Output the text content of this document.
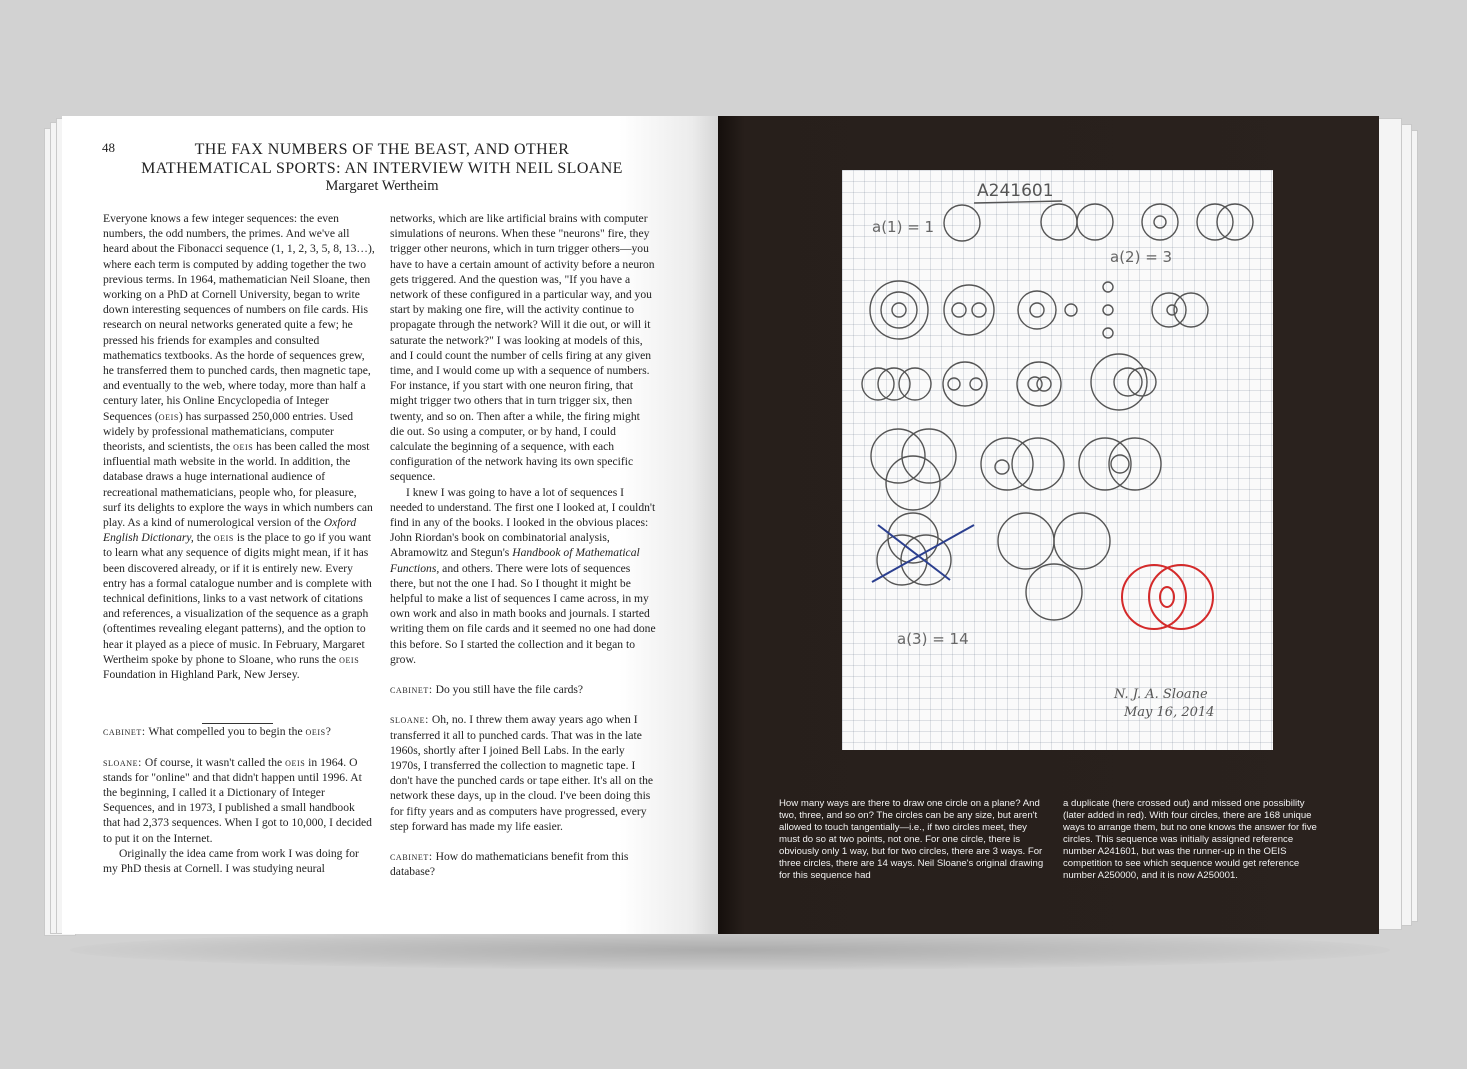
48	THE FAX NUMBERS OF THE BEAST, AND OTHER
MATHEMATICAL SPORTS: AN INTERVIEW WITH NEIL SLOANE
Margaret Wertheim

Everyone knows a few integer sequences: the even numbers, the odd numbers, the primes. And we've all heard about the Fibonacci sequence (1, 1, 2, 3, 5, 8, 13…), where each term is computed by adding together the two previous terms. In 1964, mathematician Neil Sloane, then working on a PhD at Cornell University, began to write down interesting sequences of numbers on file cards. His research on neural networks generated quite a few; he pressed his friends for examples and consulted mathematics textbooks. As the horde of sequences grew, he transferred them to punched cards, then magnetic tape, and eventually to the web, where today, more than half a century later, his Online Encyclopedia of Integer Sequences (oeis) has surpassed 250,000 entries. Used widely by professional mathematicians, computer theorists, and scientists, the oeis has been called the most influential math website in the world. In addition, the database draws a huge international audience of recreational mathematicians, people who, for pleasure, surf its delights to explore the ways in which numbers can play. As a kind of numerological version of the Oxford English Dictionary, the oeis is the place to go if you want to learn what any sequence of digits might mean, if it has been discovered already, or if it is entirely new. Every entry has a formal catalogue number and is complete with technical definitions, links to a vast network of citations and references, a visualization of the sequence as a graph (oftentimes revealing elegant patterns), and the option to hear it played as a piece of music. In February, Margaret Wertheim spoke by phone to Sloane, who runs the oeis Foundation in Highland Park, New Jersey.

cabinet: What compelled you to begin the oeis?

sloane: Of course, it wasn't called the oeis in 1964. O stands for "online" and that didn't happen until 1996. At the beginning, I called it a Dictionary of Integer Sequences, and in 1973, I published a small handbook that had 2,373 sequences. When I got to 10,000, I decided to put it on the Internet.

Originally the idea came from work I was doing for my PhD thesis at Cornell. I was studying neural

networks, which are like artificial brains with computer simulations of neurons. When these "neurons" fire, they trigger other neurons, which in turn trigger others—you have to have a certain amount of activity before a neuron gets triggered. And the question was, "If you have a network of these configured in a particular way, and you start by making one fire, will the activity continue to propagate through the network? Will it die out, or will it saturate the network?" I was looking at models of this, and I could count the number of cells firing at any given time, and I would come up with a sequence of numbers. For instance, if you start with one neuron firing, that might trigger two others that in turn trigger six, then twenty, and so on. Then after a while, the firing might die out. So using a computer, or by hand, I could calculate the beginning of a sequence, with each configuration of the network having its own specific sequence.

I knew I was going to have a lot of sequences I needed to understand. The first one I looked at, I couldn't find in any of the books. I looked in the obvious places: John Riordan's book on combinatorial analysis, Abramowitz and Stegun's Handbook of Mathematical Functions, and others. There were lots of sequences there, but not the one I had. So I thought it might be helpful to make a list of sequences I came across, in my own work and also in math books and journals. I started writing them on file cards and it seemed no one had done this before. So I started the collection and it began to grow.

cabinet: Do you still have the file cards?

sloane: Oh, no. I threw them away years ago when I transferred it all to punched cards. That was in the late 1960s, shortly after I joined Bell Labs. In the early 1970s, I transferred the collection to magnetic tape. I don't have the punched cards or tape either. It's all on the network these days, up in the cloud. I've been doing this for fifty years and as computers have progressed, every step forward has made my life easier.

cabinet: How do mathematicians benefit from this database?

A241601
a(1) = 1
a(2) = 3
a(3) = 14
N. J. A. Sloane
May 16, 2014
How many ways are there to draw one circle on a plane? And two, three, and so on? The circles can be any size, but aren't allowed to touch tangentially—i.e., if two circles meet, they must do so at two points, not one. For one circle, there is obviously only 1 way, but for two circles, there are 3 ways. For three circles, there are 14 ways. Neil Sloane's original drawing for this sequence had
a duplicate (here crossed out) and missed one possibility (later added in red). With four circles, there are 168 unique ways to arrange them, but no one knows the answer for five circles. This sequence was initially assigned reference number A241601, but was the runner-up in the OEIS competition to see which sequence would get reference number A250000, and it is now A250001.
